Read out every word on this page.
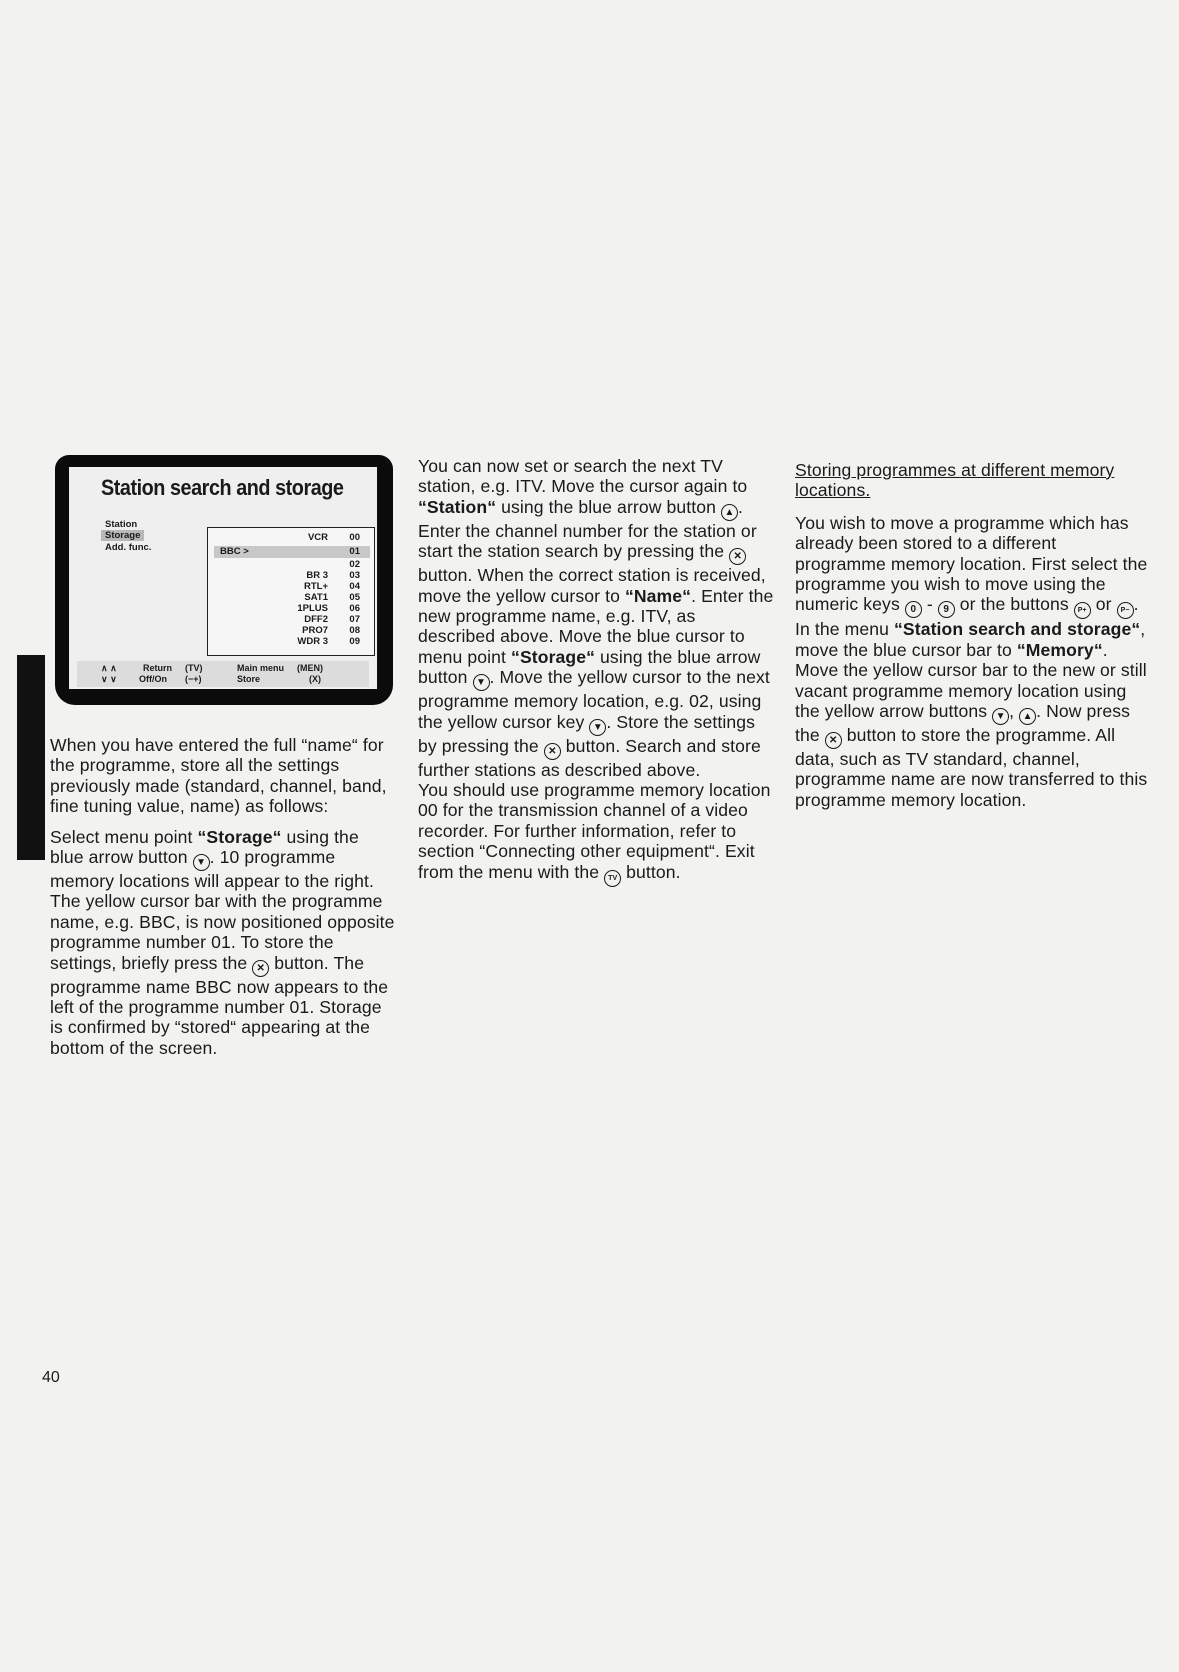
Station search and storage
Station
Storage
Add. func.
VCR 00
BBC >	01
02
BR 3 03
RTL+ 04
SAT1 05
1PLUS 06
DFF2 07
PRO7 08
WDR 3 09
∧ ∧
∨ ∨
Return (TV)
Off/On (−+)
Main menu (MEN)
Store	(X)

When you have entered the full “name“ for the programme, store all the settings previously made (standard, channel, band, fine tuning value, name) as follows:

Select menu point “Storage“ using the blue arrow button ▼ . 10 programme memory locations will appear to the right. The yellow cursor bar with the programme name, e.g. BBC, is now positioned opposite programme number 01. To store the settings, briefly press the ✕ button. The programme name BBC now appears to the left of the programme number 01. Storage is confirmed by “stored“ appearing at the bottom of the screen.

You can now set or search the next TV station, e.g. ITV. Move the cursor again to “Station“ using the blue arrow button ▲ . Enter the channel number for the station or start the station search by pressing the ✕ button. When the correct station is received, move the yellow cursor to “Name“. Enter the new programme name, e.g. ITV, as described above. Move the blue cursor to menu point “Storage“ using the blue arrow button ▼ . Move the yellow cursor to the next programme memory location, e.g. 02, using the yellow cursor key ▼ . Store the settings by pressing the ✕ button. Search and store further stations as described above.

You should use programme memory location 00 for the transmission channel of a video recorder. For further information, refer to section “Connecting other equipment“. Exit from the menu with the TV button.

Storing programmes at different memory locations.

You wish to move a programme which has already been stored to a different programme memory location. First select the programme you wish to move using the numeric keys 0 - 9 or the buttons P+ or P− . In the menu “Station search and storage“, move the blue cursor bar to “Memory“. Move the yellow cursor bar to the new or still vacant programme memory location using the yellow arrow buttons ▼ , ▲ . Now press the ✕ button to store the programme. All data, such as TV standard, channel, programme name are now transferred to this programme memory location.

40
